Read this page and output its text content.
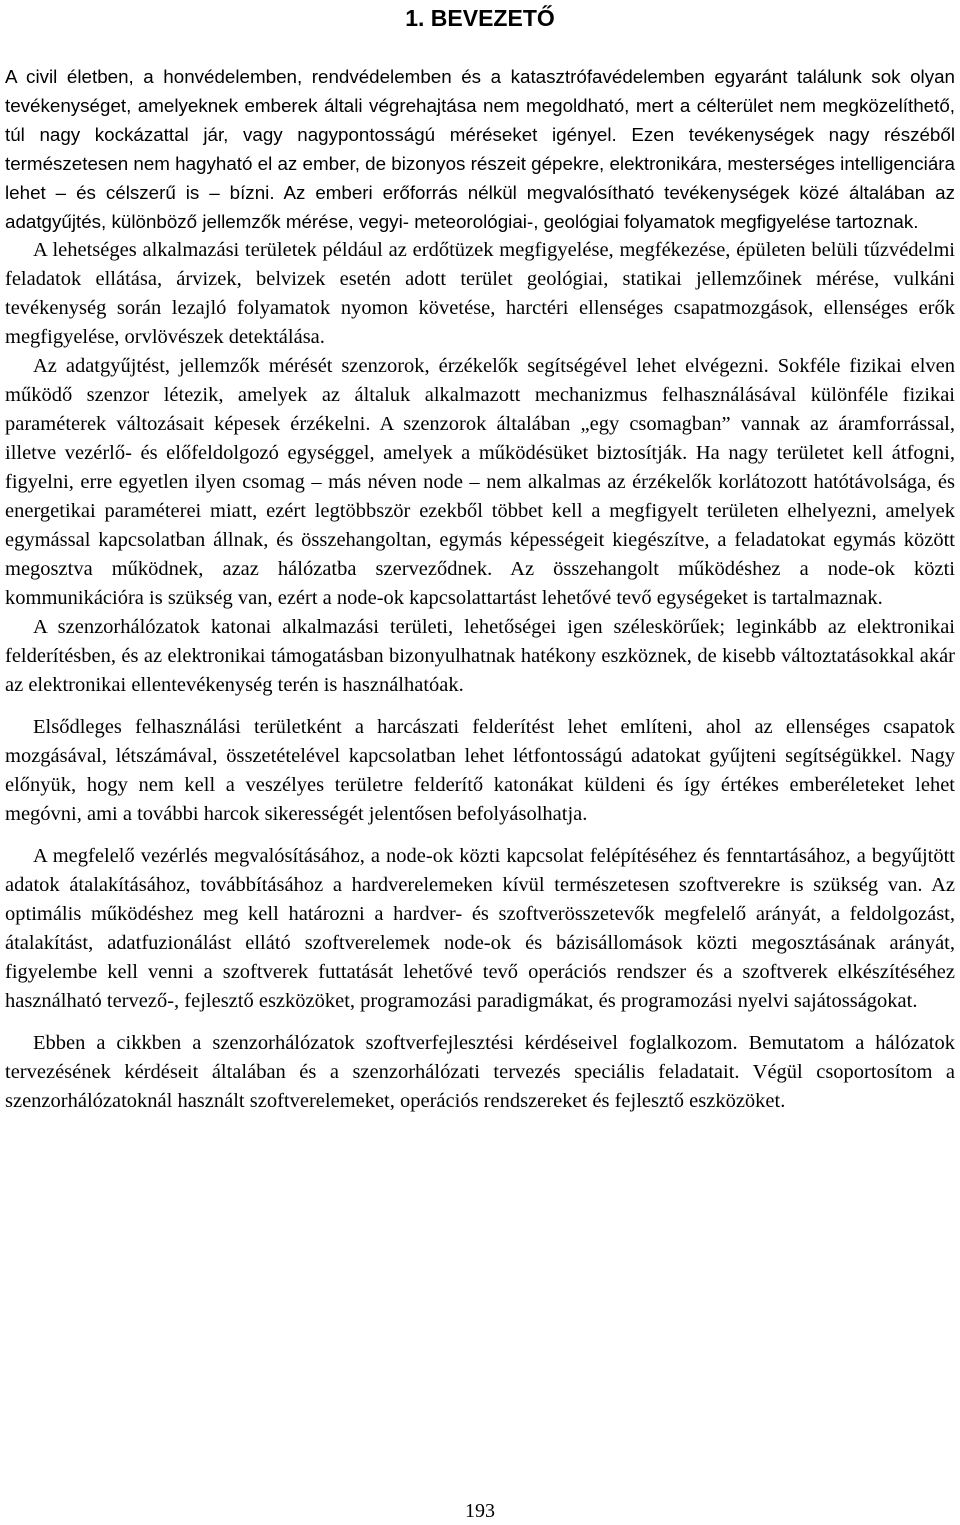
1. BEVEZETŐ

A civil életben, a honvédelemben, rendvédelemben és a katasztrófavédelemben egyaránt találunk sok olyan tevékenységet, amelyeknek emberek általi végrehajtása nem megoldható, mert a célterület nem megközelíthető, túl nagy kockázattal jár, vagy nagypontosságú méréseket igényel. Ezen tevékenységek nagy részéből természetesen nem hagyható el az ember, de bizonyos részeit gépekre, elektronikára, mesterséges intelligenciára lehet – és célszerű is – bízni. Az emberi erőforrás nélkül megvalósítható tevékenységek közé általában az adatgyűjtés, különböző jellemzők mérése, vegyi- meteorológiai-, geológiai folyamatok megfigyelése tartoznak.

A lehetséges alkalmazási területek például az erdőtüzek megfigyelése, megfékezése, épületen belüli tűzvédelmi feladatok ellátása, árvizek, belvizek esetén adott terület geológiai, statikai jellemzőinek mérése, vulkáni tevékenység során lezajló folyamatok nyomon követése, harctéri ellenséges csapatmozgások, ellenséges erők megfigyelése, orvlövészek detektálása.

Az adatgyűjtést, jellemzők mérését szenzorok, érzékelők segítségével lehet elvégezni. Sokféle fizikai elven működő szenzor létezik, amelyek az általuk alkalmazott mechanizmus felhasználásával különféle fizikai paraméterek változásait képesek érzékelni. A szenzorok általában „egy csomagban” vannak az áramforrással, illetve vezérlő- és előfeldolgozó egységgel, amelyek a működésüket biztosítják. Ha nagy területet kell átfogni, figyelni, erre egyetlen ilyen csomag – más néven node – nem alkalmas az érzékelők korlátozott hatótávolsága, és energetikai paraméterei miatt, ezért legtöbbször ezekből többet kell a megfigyelt területen elhelyezni, amelyek egymással kapcsolatban állnak, és összehangoltan, egymás képességeit kiegészítve, a feladatokat egymás között megosztva működnek, azaz hálózatba szerveződnek. Az összehangolt működéshez a node-ok közti kommunikációra is szükség van, ezért a node-ok kapcsolattartást lehetővé tevő egységeket is tartalmaznak.

A szenzorhálózatok katonai alkalmazási területi, lehetőségei igen széleskörűek; leginkább az elektronikai felderítésben, és az elektronikai támogatásban bizonyulhatnak hatékony eszköznek, de kisebb változtatásokkal akár az elektronikai ellentevékenység terén is használhatóak.

Elsődleges felhasználási területként a harcászati felderítést lehet említeni, ahol az ellenséges csapatok mozgásával, létszámával, összetételével kapcsolatban lehet létfontosságú adatokat gyűjteni segítségükkel. Nagy előnyük, hogy nem kell a veszélyes területre felderítő katonákat küldeni és így értékes emberéleteket lehet megóvni, ami a további harcok sikerességét jelentősen befolyásolhatja.

A megfelelő vezérlés megvalósításához, a node-ok közti kapcsolat felépítéséhez és fenntartásához, a begyűjtött adatok átalakításához, továbbításához a hardverelemeken kívül természetesen szoftverekre is szükség van. Az optimális működéshez meg kell határozni a hardver- és szoftverösszetevők megfelelő arányát, a feldolgozást, átalakítást, adatfuzionálást ellátó szoftverelemek node-ok és bázisállomások közti megosztásának arányát, figyelembe kell venni a szoftverek futtatását lehetővé tevő operációs rendszer és a szoftverek elkészítéséhez használható tervező-, fejlesztő eszközöket, programozási paradigmákat, és programozási nyelvi sajátosságokat.

Ebben a cikkben a szenzorhálózatok szoftverfejlesztési kérdéseivel foglalkozom. Bemutatom a hálózatok tervezésének kérdéseit általában és a szenzorhálózati tervezés speciális feladatait. Végül csoportosítom a szenzorhálózatoknál használt szoftverelemeket, operációs rendszereket és fejlesztő eszközöket.

193
